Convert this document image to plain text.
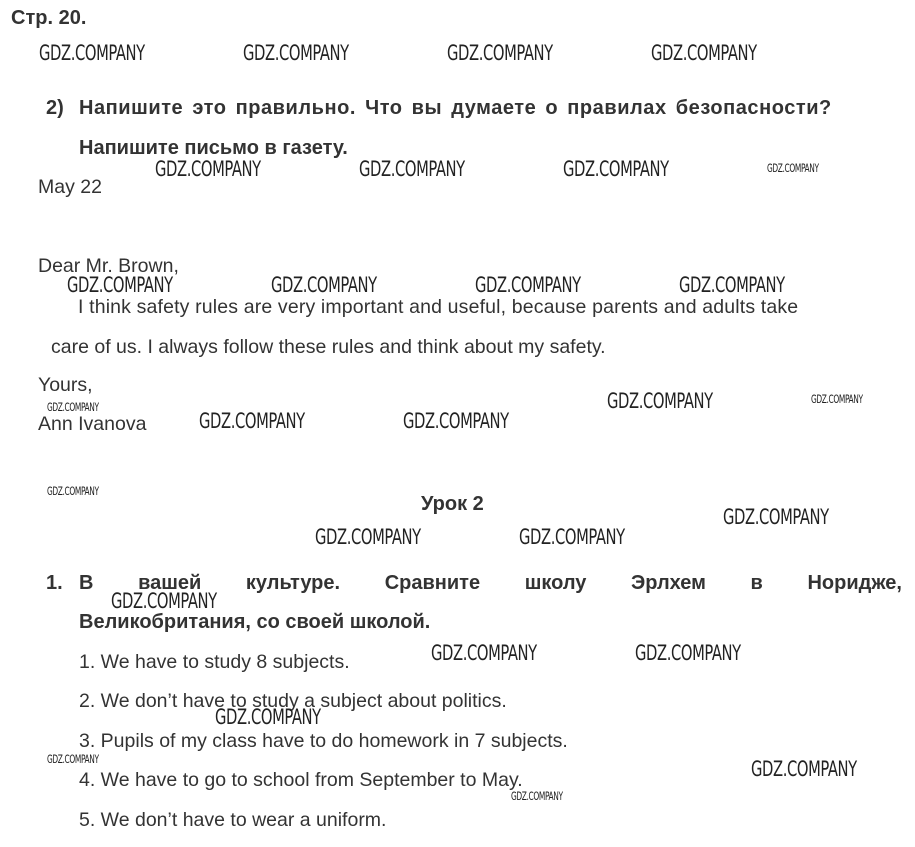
Стр. 20.
2) Напишите это правильно. Что вы думаете о правилах безопасности?
Напишите письмо в газету.
May 22
Dear Mr. Brown,
I think safety rules are very important and useful, because parents and adults take
care of us. I always follow these rules and think about my safety.
Yours,
Ann Ivanova
Урок 2
1. В вашей культуре. Сравните школу Эрлхем в Норидже,
Великобритания, со своей школой.
1. We have to study 8 subjects.
2. We don’t have to study a subject about politics.
3. Pupils of my class have to do homework in 7 subjects.
4. We have to go to school from September to May.
5. We don’t have to wear a uniform.
GDZ.COMPANY	GDZ.COMPANY	GDZ.COMPANY	GDZ.COMPANY
GDZ.COMPANY	GDZ.COMPANY	GDZ.COMPANY	GDZ.COMPANY
GDZ.COMPANY	GDZ.COMPANY	GDZ.COMPANY	GDZ.COMPANY
GDZ.COMPANY
GDZ.COMPANY	GDZ.COMPANY
GDZ.COMPANY	GDZ.COMPANY
GDZ.COMPANY
GDZ.COMPANY
GDZ.COMPANY	GDZ.COMPANY
GDZ.COMPANY
GDZ.COMPANY	GDZ.COMPANY
GDZ.COMPANY
GDZ.COMPANY	GDZ.COMPANY
GDZ.COMPANY
